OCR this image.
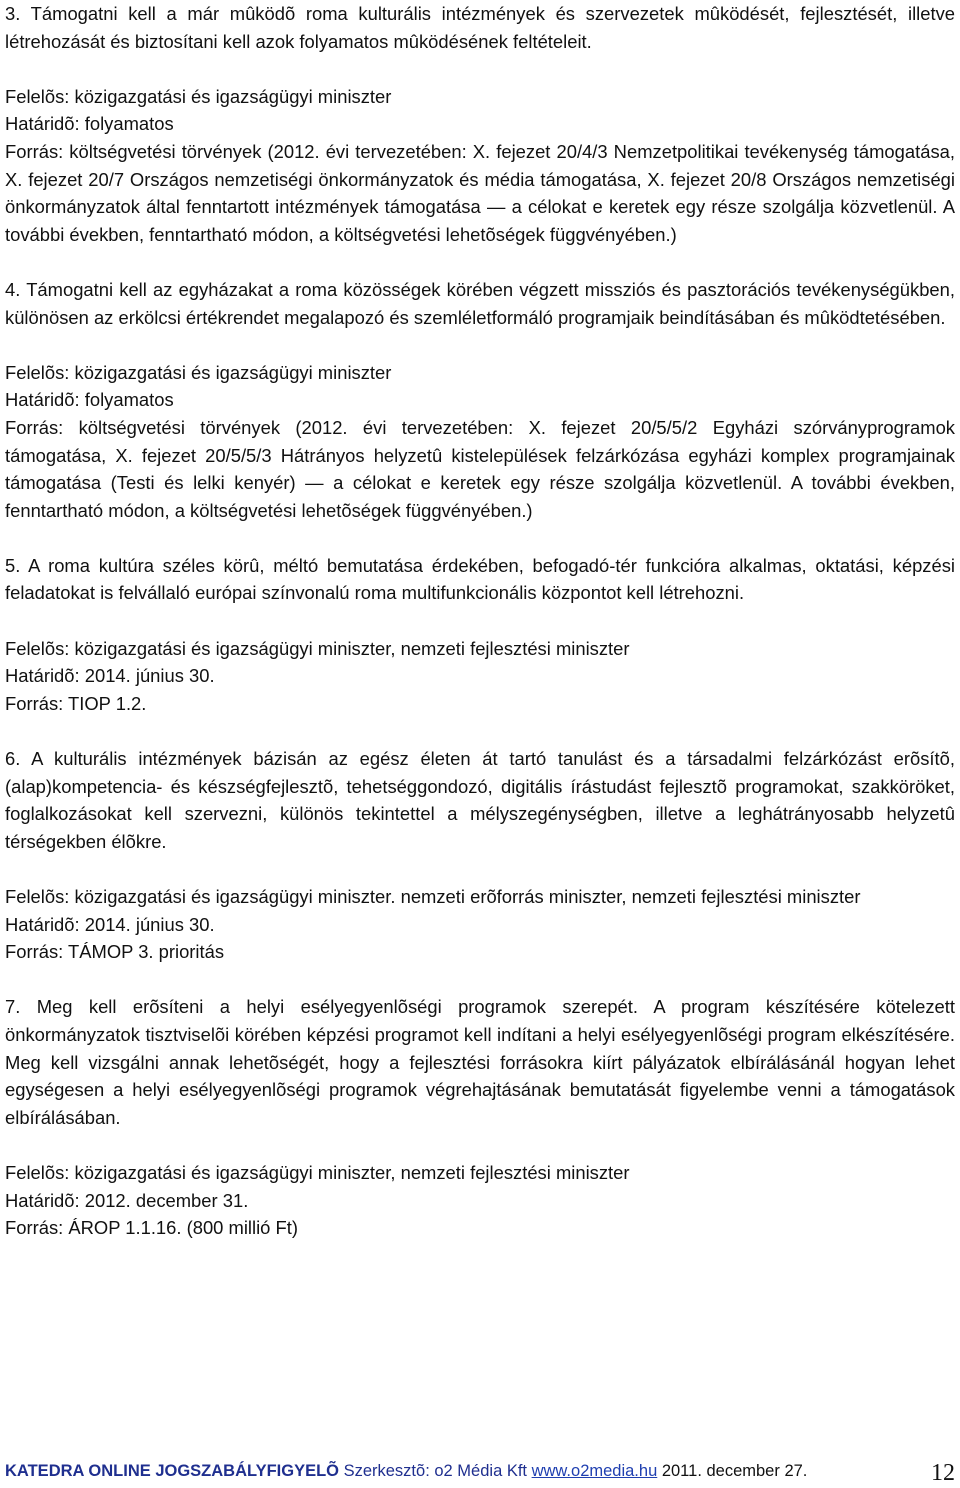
3. Támogatni kell a már mûködõ roma kulturális intézmények és szervezetek mûködését, fejlesztését, illetve létrehozását és biztosítani kell azok folyamatos mûködésének feltételeit.

Felelõs: közigazgatási és igazságügyi miniszter

Határidõ: folyamatos

Forrás: költségvetési törvények (2012. évi tervezetében: X. fejezet 20/4/3 Nemzetpolitikai tevékenység támogatása, X. fejezet 20/7 Országos nemzetiségi önkormányzatok és média támogatása, X. fejezet 20/8 Országos nemzetiségi önkormányzatok által fenntartott intézmények támogatása — a célokat e keretek egy része szolgálja közvetlenül. A további években, fenntartható módon, a költségvetési lehetõségek függvényében.)

4. Támogatni kell az egyházakat a roma közösségek körében végzett missziós és pasztorációs tevékenységükben, különösen az erkölcsi értékrendet megalapozó és szemléletformáló programjaik beindításában és mûködtetésében.

Felelõs: közigazgatási és igazságügyi miniszter

Határidõ: folyamatos

Forrás: költségvetési törvények (2012. évi tervezetében: X. fejezet 20/5/5/2 Egyházi szórványprogramok támogatása, X. fejezet 20/5/5/3 Hátrányos helyzetû kistelepülések felzárkózása egyházi komplex programjainak támogatása (Testi és lelki kenyér) — a célokat e keretek egy része szolgálja közvetlenül. A további években, fenntartható módon, a költségvetési lehetõségek függvényében.)

5. A roma kultúra széles körû, méltó bemutatása érdekében, befogadó-tér funkcióra alkalmas, oktatási, képzési feladatokat is felvállaló európai színvonalú roma multifunkcionális központot kell létrehozni.

Felelõs: közigazgatási és igazságügyi miniszter, nemzeti fejlesztési miniszter

Határidõ: 2014. június 30.

Forrás: TIOP 1.2.

6. A kulturális intézmények bázisán az egész életen át tartó tanulást és a társadalmi felzárkózást erõsítõ, (alap)kompetencia- és készségfejlesztõ, tehetséggondozó, digitális írástudást fejlesztõ programokat, szakköröket, foglalkozásokat kell szervezni, különös tekintettel a mélyszegénységben, illetve a leghátrányosabb helyzetû térségekben élõkre.

Felelõs: közigazgatási és igazságügyi miniszter. nemzeti erõforrás miniszter, nemzeti fejlesztési miniszter

Határidõ: 2014. június 30.

Forrás: TÁMOP 3. prioritás

7. Meg kell erõsíteni a helyi esélyegyenlõségi programok szerepét. A program készítésére kötelezett önkormányzatok tisztviselõi körében képzési programot kell indítani a helyi esélyegyenlõségi program elkészítésére. Meg kell vizsgálni annak lehetõségét, hogy a fejlesztési forrásokra kiírt pályázatok elbírálásánál hogyan lehet egységesen a helyi esélyegyenlõségi programok végrehajtásának bemutatását figyelembe venni a támogatások elbírálásában.

Felelõs: közigazgatási és igazságügyi miniszter, nemzeti fejlesztési miniszter

Határidõ: 2012. december 31.

Forrás: ÁROP 1.1.16. (800 millió Ft)

KATEDRA ONLINE JOGSZABÁLYFIGYELÕ Szerkesztõ: o2 Média Kft www.o2media.hu 2011. december 27.	12
